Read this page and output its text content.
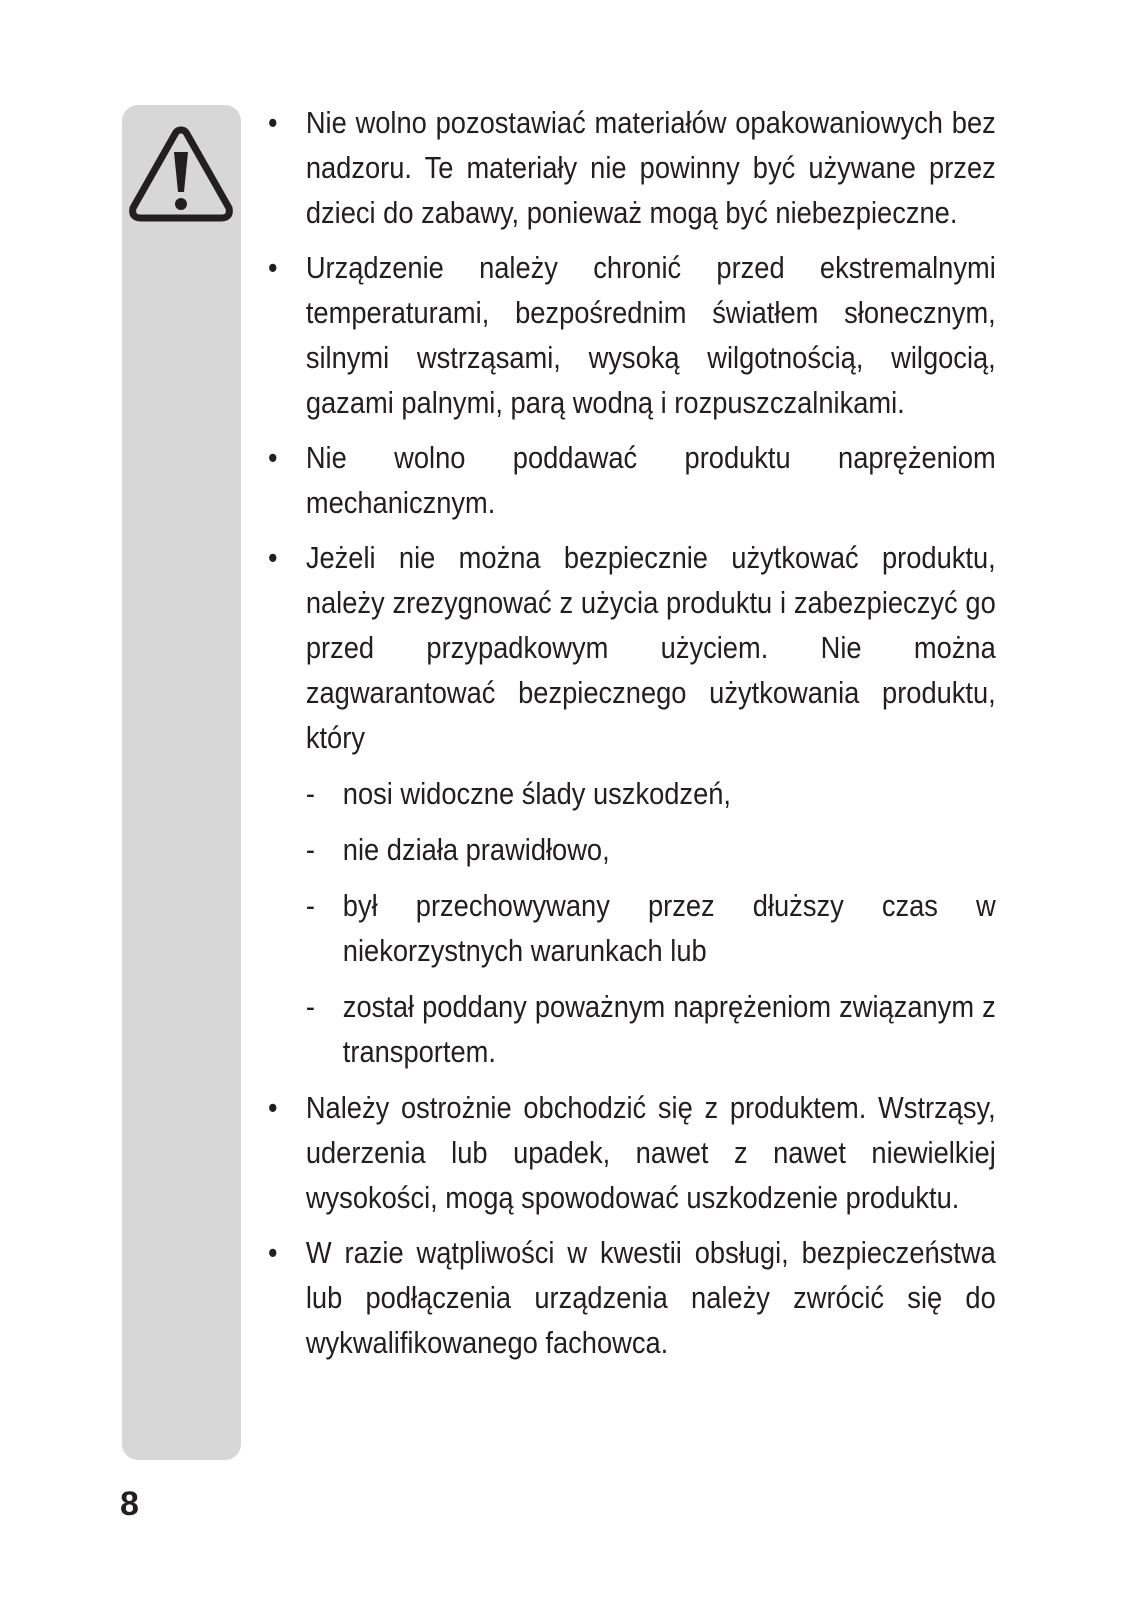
• Nie wolno pozostawiać materiałów opakowaniowych bez nadzoru. Te materiały nie powinny być używane przez dzieci do zabawy, ponieważ mogą być niebezpieczne.
• Urządzenie należy chronić przed ekstremalnymi temperaturami, bezpośrednim światłem słonecznym, silnymi wstrząsami, wysoką wilgotnością, wilgocią, gazami palnymi, parą wodną i rozpuszczalnikami.
• Nie wolno poddawać produktu naprężeniom mechanicznym.
• Jeżeli nie można bezpiecznie użytkować produktu, należy zrezygnować z użycia produktu i zabezpieczyć go przed przypadkowym użyciem. Nie można zagwarantować bezpiecznego użytkowania produktu, który
- nosi widoczne ślady uszkodzeń,
- nie działa prawidłowo,
- był przechowywany przez dłuższy czas w niekorzystnych warunkach lub
- został poddany poważnym naprężeniom związanym z transportem.
• Należy ostrożnie obchodzić się z produktem. Wstrząsy, uderzenia lub upadek, nawet z nawet niewielkiej wysokości, mogą spowodować uszkodzenie produktu.
• W razie wątpliwości w kwestii obsługi, bezpieczeństwa lub podłączenia urządzenia należy zwrócić się do wykwalifikowanego fachowca.
8
